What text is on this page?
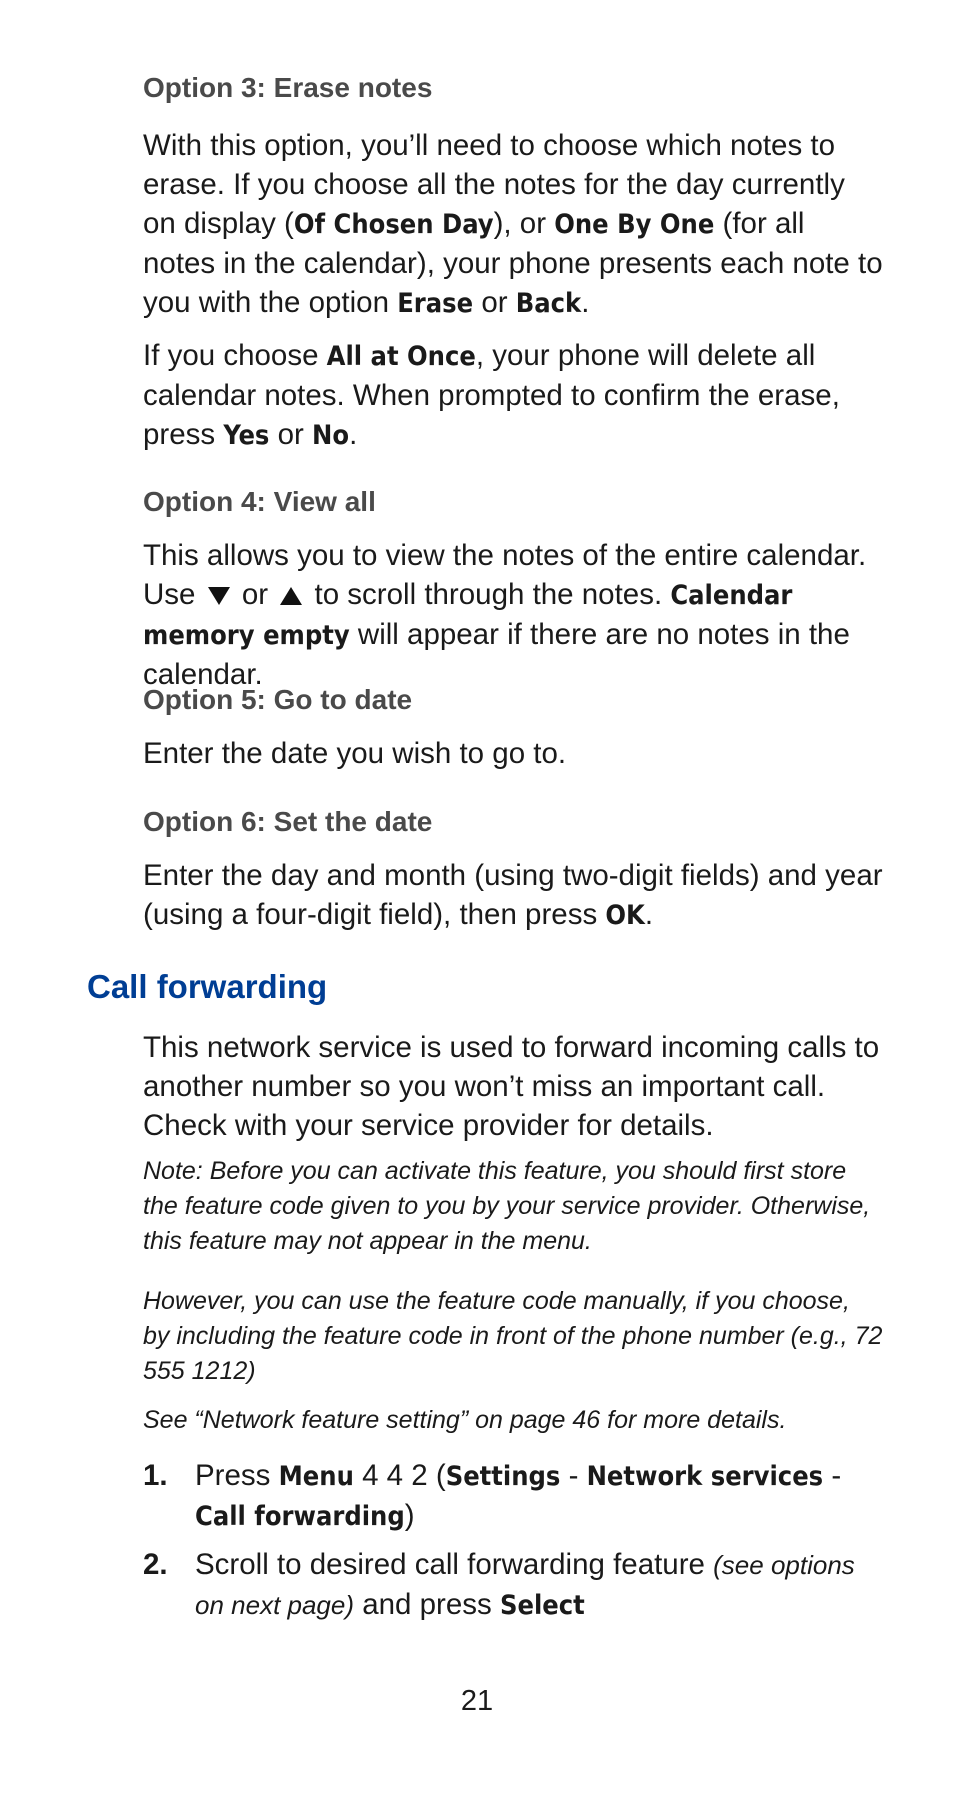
Option 3: Erase notes

With this option, you’ll need to choose which notes to erase. If you choose all the notes for the day currently on display (Of Chosen Day), or One By One (for all notes in the calendar), your phone presents each note to you with the option Erase or Back.

If you choose All at Once, your phone will delete all calendar notes. When prompted to confirm the erase, press Yes or No.

Option 4: View all

This allows you to view the notes of the entire calendar. Use  or  to scroll through the notes. Calendar memory empty will appear if there are no notes in the calendar.

Option 5: Go to date

Enter the date you wish to go to.

Option 6: Set the date

Enter the day and month (using two-digit fields) and year (using a four-digit field), then press OK.

Call forwarding

This network service is used to forward incoming calls to another number so you won’t miss an important call. Check with your service provider for details.

Note: Before you can activate this feature, you should first store the feature code given to you by your service provider. Otherwise, this feature may not appear in the menu.

However, you can use the feature code manually, if you choose, by including the feature code in front of the phone number (e.g., 72 555 1212)

See “Network feature setting” on page 46 for more details.

1. Press Menu 4 4 2 (Settings - Network services - Call forwarding)
2. Scroll to desired call forwarding feature (see options on next page) and press Select
21
